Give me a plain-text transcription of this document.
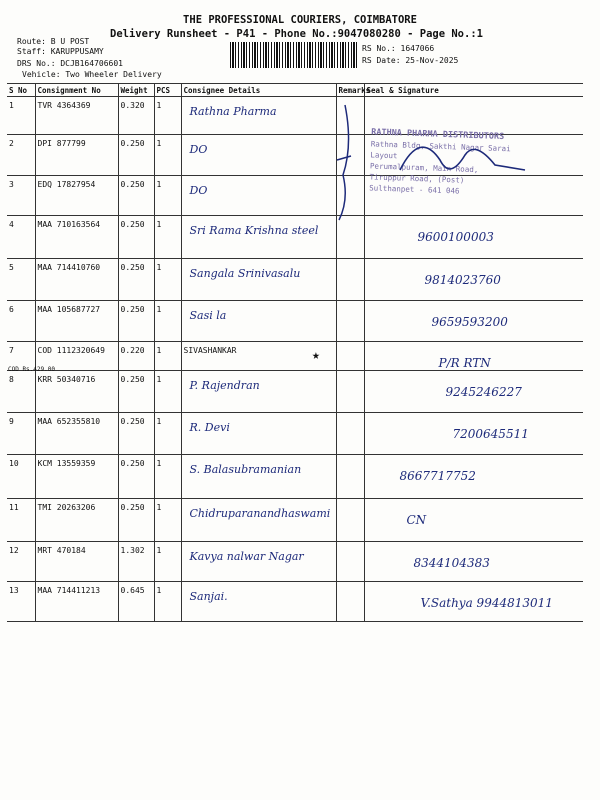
THE PROFESSIONAL COURIERS, COIMBATORE
Delivery Runsheet - P41 - Phone No.:9047080280 - Page No.:1
Route: B U POST
Staff: KARUPPUSAMY
DRS No.: DCJB164706601
Vehicle: Two Wheeler Delivery
RS No.: 1647066
RS Date: 25-Nov-2025
S No	Consignment No	Weight	PCS	Consignee Details	Remarks	Seal & Signature
1	TVR 4364369	0.320	1	Rathna Pharma		
2	DPI 877799	0.250	1	DO		
3	EDQ 17827954	0.250	1	DO		
4	MAA 710163564	0.250	1	Sri Rama Krishna steel		9600100003
5	MAA 714410760	0.250	1	Sangala Srinivasalu		9814023760
6	MAA 105687727	0.250	1	Sasi la		9659593200
7	COD 1112320649	0.220	1	SIVASHANKAR		P/R RTN
8	KRR 50340716	0.250	1	P. Rajendran		9245246227
9	MAA 652355810	0.250	1	R. Devi		7200645511
10	KCM 13559359	0.250	1	S. Balasubramanian		8667717752
11	TMI 20263206	0.250	1	Chidruparanandhaswami		CN
12	MRT 470184	1.302	1	Kavya nalwar Nagar		8344104383
13	MAA 714411213	0.645	1	Sanjai.		V.Sathya 9944813011
COD Rs.429.00
★
RATHNA PHARMA DISTRIBUTORS
Rathna Bldg, Sakthi Nagar Sarai Layout
Perumalpuram, Main Road,
Tiruppur Road, (Post)
Sulthanpet - 641 046
